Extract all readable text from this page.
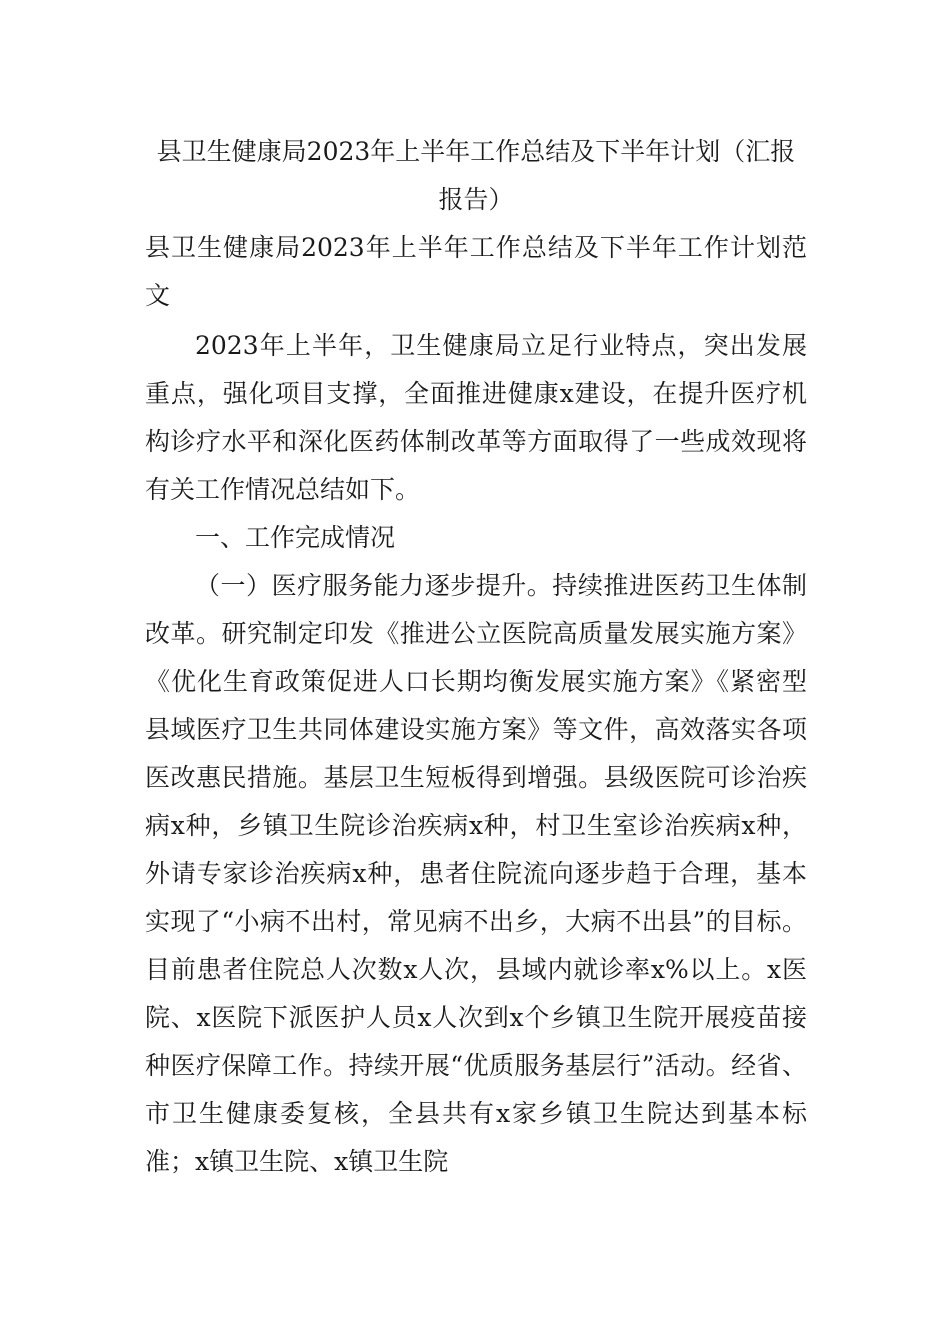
县卫生健康局2023年上半年工作总结及下半年计划（汇报报告）

县卫生健康局2023年上半年工作总结及下半年工作计划范文

2023年上半年，卫生健康局立足行业特点，突出发展重点，强化项目支撑，全面推进健康x建设，在提升医疗机构诊疗水平和深化医药体制改革等方面取得了一些成效现将有关工作情况总结如下。

一、工作完成情况

（一）医疗服务能力逐步提升。持续推进医药卫生体制改革。研究制定印发《推进公立医院高质量发展实施方案》《优化生育政策促进人口长期均衡发展实施方案》《紧密型县域医疗卫生共同体建设实施方案》等文件，高效落实各项医改惠民措施。基层卫生短板得到增强。县级医院可诊治疾病x种，乡镇卫生院诊治疾病x种，村卫生室诊治疾病x种，外请专家诊治疾病x种，患者住院流向逐步趋于合理，基本实现了“小病不出村，常见病不出乡，大病不出县”的目标。目前患者住院总人次数x人次，县域内就诊率x%以上。x医院、x医院下派医护人员x人次到x个乡镇卫生院开展疫苗接种医疗保障工作。持续开展“优质服务基层行”活动。经省、市卫生健康委复核，全县共有x家乡镇卫生院达到基本标准；x镇卫生院、x镇卫生院
